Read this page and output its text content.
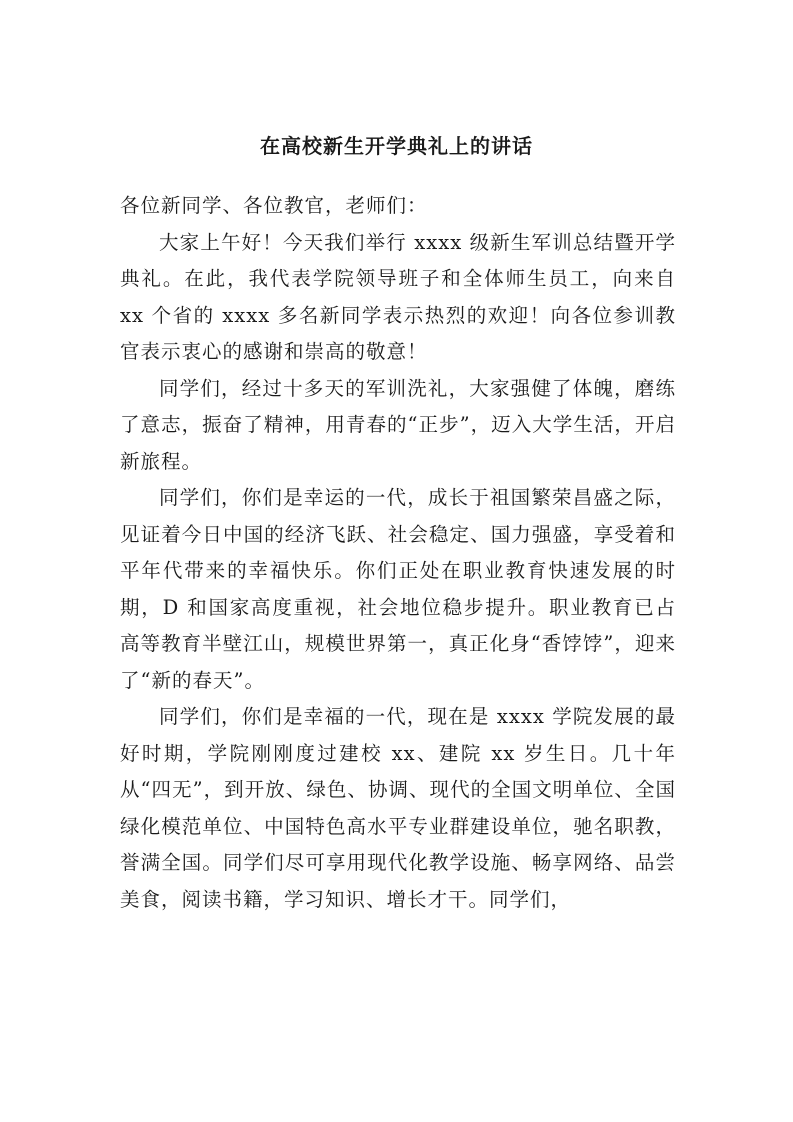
在高校新生开学典礼上的讲话

各位新同学、各位教官，老师们：

大家上午好！今天我们举行 xxxx 级新生军训总结暨开学典礼。在此，我代表学院领导班子和全体师生员工，向来自 xx 个省的 xxxx 多名新同学表示热烈的欢迎！向各位参训教官表示衷心的感谢和崇高的敬意！

同学们，经过十多天的军训洗礼，大家强健了体魄，磨练了意志，振奋了精神，用青春的“正步”，迈入大学生活，开启新旅程。

同学们，你们是幸运的一代，成长于祖国繁荣昌盛之际，见证着今日中国的经济飞跃、社会稳定、国力强盛，享受着和平年代带来的幸福快乐。你们正处在职业教育快速发展的时期，D 和国家高度重视，社会地位稳步提升。职业教育已占高等教育半壁江山，规模世界第一，真正化身“香饽饽”，迎来了“新的春天”。

同学们，你们是幸福的一代，现在是 xxxx 学院发展的最好时期，学院刚刚度过建校 xx、建院 xx 岁生日。几十年从“四无”，到开放、绿色、协调、现代的全国文明单位、全国绿化模范单位、中国特色高水平专业群建设单位，驰名职教，誉满全国。同学们尽可享用现代化教学设施、畅享网络、品尝美食，阅读书籍，学习知识、增长才干。同学们，
